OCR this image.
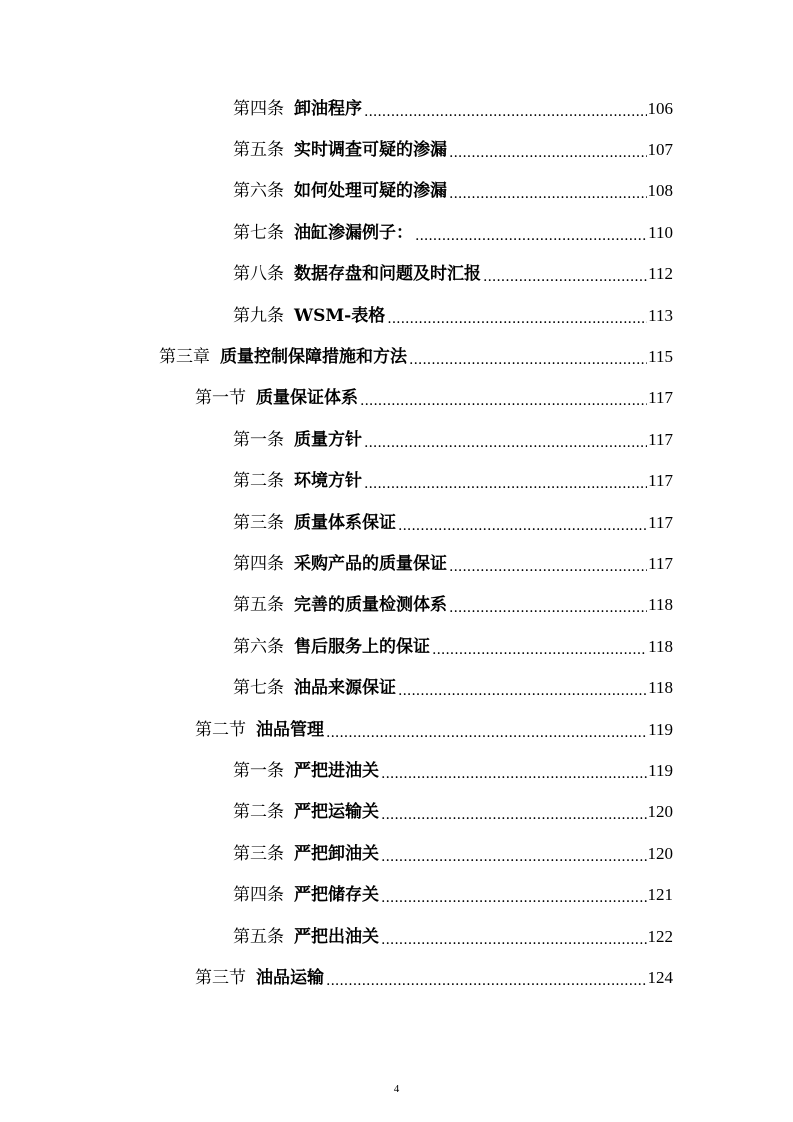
第四条 卸油程序 .....	106
第五条 实时调查可疑的渗漏 .....	107
第六条 如何处理可疑的渗漏 .....	108
第七条 油缸渗漏例子： .....	110
第八条 数据存盘和问题及时汇报 .....	112
第九条 WSM-表格 .....	113
第三章 质量控制保障措施和方法 .....	115
第一节 质量保证体系 .....	117
第一条 质量方针 .....	117
第二条 环境方针 .....	117
第三条 质量体系保证 .....	117
第四条 采购产品的质量保证 .....	117
第五条 完善的质量检测体系 .....	118
第六条 售后服务上的保证 .....	118
第七条 油品来源保证 .....	118
第二节 油品管理 .....	119
第一条 严把进油关 .....	119
第二条 严把运输关 .....	120
第三条 严把卸油关 .....	120
第四条 严把储存关 .....	121
第五条 严把出油关 .....	122
第三节 油品运输 .....	124
4
